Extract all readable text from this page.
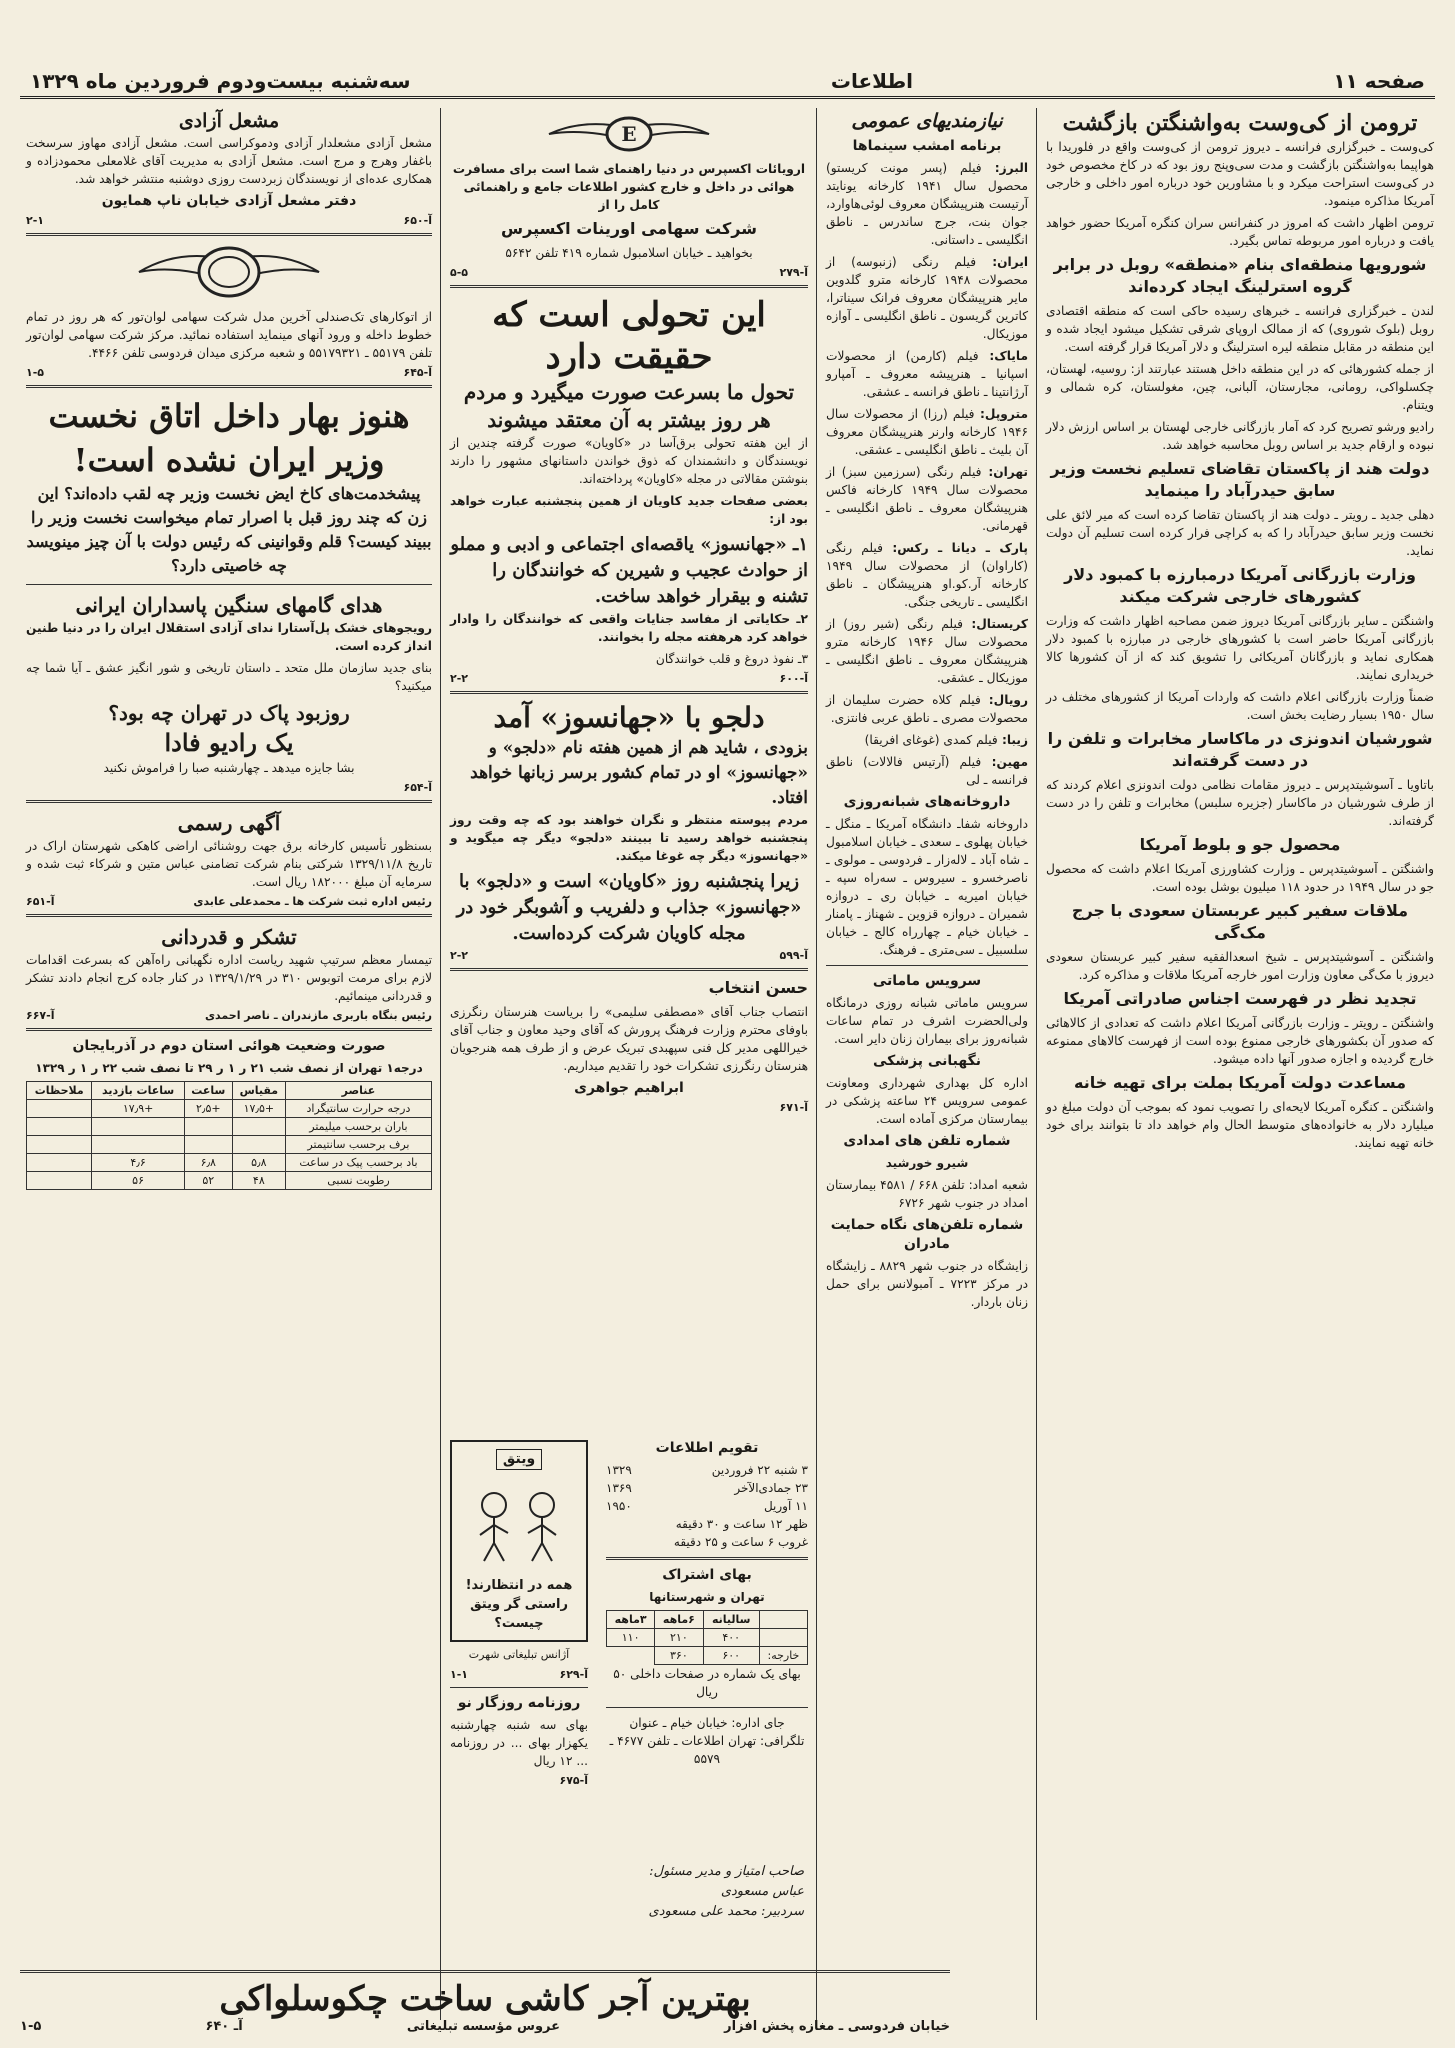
صفحه ۱۱
اطلاعات
سه‌شنبه بیست‌ودوم فروردین ماه ۱۳۲۹
ترومن از کی‌وست به‌واشنگتن بازگشت

کی‌وست ـ خبرگزاری فرانسه ـ دیروز ترومن از کی‌وست واقع در فلوریدا با هواپیما به‌واشنگتن بازگشت و مدت سی‌وپنج روز بود که در کاخ مخصوص خود در کی‌وست استراحت میکرد و با مشاورین خود درباره امور داخلی و خارجی آمریکا مذاکره مینمود.

ترومن اظهار داشت که امروز در کنفرانس سران کنگره آمریکا حضور خواهد یافت و درباره امور مربوطه تماس بگیرد.

شورویها منطقه‌ای بنام «منطقه» روبل در برابر گروه استرلینگ ایجاد کرده‌اند

لندن ـ خبرگزاری فرانسه ـ خبرهای رسیده حاکی است که منطقه اقتصادی روبل (بلوک شوروی) که از ممالک اروپای شرقی تشکیل میشود ایجاد شده و این منطقه در مقابل منطقه لیره استرلینگ و دلار آمریکا قرار گرفته است.

از جمله کشورهائی که در این منطقه داخل هستند عبارتند از: روسیه، لهستان، چکسلواکی، رومانی، مجارستان، آلبانی، چین، مغولستان، کره شمالی و ویتنام.

رادیو ورشو تصریح کرد که آمار بازرگانی خارجی لهستان بر اساس ارزش دلار نبوده و ارقام جدید بر اساس روبل محاسبه خواهد شد.

دولت هند از پاکستان تقاضای تسلیم نخست وزیر سابق حیدرآباد را مینماید

دهلی جدید ـ رویتر ـ دولت هند از پاکستان تقاضا کرده است که میر لائق علی نخست وزیر سابق حیدرآباد را که به کراچی فرار کرده است تسلیم آن دولت نماید.

وزارت بازرگانی آمریکا درمبارزه با کمبود دلار کشورهای خارجی شرکت میکند

واشنگتن ـ سایر بازرگانی آمریکا دیروز ضمن مصاحبه اظهار داشت که وزارت بازرگانی آمریکا حاضر است با کشورهای خارجی در مبارزه با کمبود دلار همکاری نماید و بازرگانان آمریکائی را تشویق کند که از آن کشورها کالا خریداری نمایند.

ضمناً وزارت بازرگانی اعلام داشت که واردات آمریکا از کشورهای مختلف در سال ۱۹۵۰ بسیار رضایت بخش است.

شورشیان اندونزی در ماکاسار مخابرات و تلفن را در دست گرفته‌اند

باتاویا ـ آسوشیتدپرس ـ دیروز مقامات نظامی دولت اندونزی اعلام کردند که از طرف شورشیان در ماکاسار (جزیره سلبس) مخابرات و تلفن را در دست گرفته‌اند.

محصول جو و بلوط آمریکا

واشنگتن ـ آسوشیتدپرس ـ وزارت کشاورزی آمریکا اعلام داشت که محصول جو در سال ۱۹۴۹ در حدود ۱۱۸ میلیون بوشل بوده است.

ملاقات سفیر کبیر عربستان سعودی با جرج مک‌گی

واشنگتن ـ آسوشیتدپرس ـ شیخ اسعدالفقیه سفیر کبیر عربستان سعودی دیروز با مک‌گی معاون وزارت امور خارجه آمریکا ملاقات و مذاکره کرد.

تجدید نظر در فهرست اجناس صادراتی آمریکا

واشنگتن ـ رویتر ـ وزارت بازرگانی آمریکا اعلام داشت که تعدادی از کالاهائی که صدور آن بکشورهای خارجی ممنوع بوده است از فهرست کالاهای ممنوعه خارج گردیده و اجازه صدور آنها داده میشود.

مساعدت دولت آمریکا بملت برای تهیه خانه

واشنگتن ـ کنگره آمریکا لایحه‌ای را تصویب نمود که بموجب آن دولت مبلغ دو میلیارد دلار به خانواده‌های متوسط الحال وام خواهد داد تا بتوانند برای خود خانه تهیه نمایند.

نیازمندیهای عمومی
برنامه امشب سینماها

البرز: فیلم (پسر مونت کریستو) محصول سال ۱۹۴۱ کارخانه یونایتد آرتیست هنرپیشگان معروف لوئی‌هاوارد، جوان بنت، جرج ساندرس ـ ناطق انگلیسی ـ داستانی.

ایران: فیلم رنگی (زنبوسه) از محصولات ۱۹۴۸ کارخانه مترو گلدوین مایر هنرپیشگان معروف فرانک سیناترا، کاترین گریسون ـ ناطق انگلیسی ـ آوازه موزیکال.

مایاک: فیلم (کارمن) از محصولات اسپانیا ـ هنرپیشه معروف ـ آمپارو آرژانتینا ـ ناطق فرانسه ـ عشقی.

متروپل: فیلم (رزا) از محصولات سال ۱۹۴۶ کارخانه وارنر هنرپیشگان معروف آن بلیث ـ ناطق انگلیسی ـ عشقی.

تهران: فیلم رنگی (سرزمین سبز) از محصولات سال ۱۹۴۹ کارخانه فاکس هنرپیشگان معروف ـ ناطق انگلیسی ـ قهرمانی.

پارک ـ دیانا ـ رکس: فیلم رنگی (کاراوان) از محصولات سال ۱۹۴۹ کارخانه آر.کو.او هنرپیشگان ـ ناطق انگلیسی ـ تاریخی جنگی.

کریستال: فیلم رنگی (شیر روز) از محصولات سال ۱۹۴۶ کارخانه مترو هنرپیشگان معروف ـ ناطق انگلیسی ـ موزیکال ـ عشقی.

رویال: فیلم کلاه حضرت سلیمان از محصولات مصری ـ ناطق عربی فانتزی.

زیبا: فیلم کمدی (غوغای افریقا)

مهین: فیلم (آرتیس فالالات) ناطق فرانسه ـ لی

داروخانه‌های شبانه‌روزی

داروخانه شفاـ دانشگاه آمریکا ـ منگل ـ خیابان پهلوی ـ سعدی ـ خیابان اسلامبول ـ شاه آباد ـ لاله‌زار ـ فردوسی ـ مولوی ـ ناصرخسرو ـ سیروس ـ سه‌راه سپه ـ خیابان امیریه ـ خیابان ری ـ دروازه شمیران ـ دروازه قزوین ـ شهناز ـ پامنار ـ خیابان خیام ـ چهارراه کالج ـ خیابان سلسبیل ـ سی‌متری ـ فرهنگ.

سرویس ماماتی

سرویس ماماتی شبانه روزی درمانگاه ولی‌الحضرت اشرف در تمام ساعات شبانه‌روز برای بیماران زنان دایر است.

نگهبانی پزشکی

اداره کل بهداری شهرداری ومعاونت عمومی سرویس ۲۴ ساعته پزشکی در بیمارستان مرکزی آماده است.

شماره تلفن های امدادی
شیرو خورشید

شعبه امداد: تلفن ۶۶۸ / ۴۵۸۱ بیمارستان امداد در جنوب شهر ۶۷۲۶

شماره تلفن‌های نگاه حمایت مادران

زایشگاه در جنوب شهر ۸۸۲۹ ـ زایشگاه در مرکز ۷۲۲۳ ـ آمبولانس برای حمل زنان باردار.

تقویم اطلاعات
۳ شنبه ۲۲ فروردین
۱۳۲۹
۲۳ جمادی‌الآخر
۱۳۶۹
۱۱ آوریل
۱۹۵۰
ظهر ۱۲ ساعت و ۳۰ دقیقه
غروب ۶ ساعت و ۲۵ دقیقه
بهای اشتراک
تهران و شهرستانها
	سالیانه	۶ماهه	۳ماهه
	۴۰۰	۲۱۰	۱۱۰
خارجه:	۶۰۰	۳۶۰	

بهای یک شماره در صفحات داخلی ۵۰ ریال

جای اداره: خیابان خیام ـ عنوان تلگرافی: تهران اطلاعات ـ تلفن ۴۶۷۷ ـ ۵۵۷۹

E

ارویائات اکسپرس در دنیا راهنمای شما است برای مسافرت هوائی در داخل و خارج کشور اطلاعات جامع و راهنمائی کامل را از

شرکت سهامی اورینات اکسپرس

بخواهید ـ خیابان اسلامبول شماره ۴۱۹ تلفن ۵۶۴۲

۵-۵	۲۷۹-آ
این تحولی است که حقیقت دارد
تحول ما بسرعت صورت میگیرد و مردم هر روز بیشتر به آن معتقد میشوند

از این هفته تحولی برق‌آسا در «کاویان» صورت گرفته چندین از نویسندگان و دانشمندان که ذوق خواندن داستانهای مشهور را دارند بنوشتن مقالاتی در مجله «کاویان» پرداخته‌اند.

بعضی صفحات جدید کاویان از همین پنجشنبه عبارت خواهد بود از:

۱ـ «جهانسوز» یاقصه‌ای اجتماعی و ادبی و مملو از حوادث عجیب و شیرین که خوانندگان را تشنه و بیقرار خواهد ساخت.

۲ـ حکایاتی از مفاسد جنایات واقعی که خوانندگان را وادار خواهد کرد هرهفته مجله را بخوانند.

۳ـ نفوذ دروغ و قلب خوانندگان

۲-۲	۶۰۰-آ
دلجو با «جهانسوز» آمد
بزودی ، شاید هم از همین هفته نام «دلجو» و «جهانسوز» او در تمام کشور برسر زبانها خواهد افتاد.

مردم پیوسته منتظر و نگران خواهند بود که چه وقت روز پنجشنبه خواهد رسید تا ببینند «دلجو» دیگر چه میگوید و «جهانسوز» دیگر چه غوغا میکند.

زیرا پنجشنبه روز «کاویان» است و «دلجو» با «جهانسوز» جذاب و دلفریب و آشوبگر خود در مجله کاویان شرکت کرده‌است.
۲-۲	۵۹۹-آ
حسن انتخاب

انتصاب جناب آقای «مصطفی سلیمی» را بریاست هنرستان رنگرزی باوفای محترم وزارت فرهنگ پرورش که آقای وحید معاون و جناب آقای خیراللهی مدیر کل فنی سپهبدی تبریک عرض و از طرف همه هنرجویان هنرستان رنگرزی تشکرات خود را تقدیم میداریم.

ابراهیم جواهری
۶۷۱-آ
ویتق
همه در انتظارند! راستی گر ویتق چیست؟

آژانس تبلیغاتی شهرت

۱-۱	۶۲۹-آ
روزنامه روزگار نو

بهای سه شنبه چهارشنبه یکهزار بهای ... در روزنامه ... ۱۲ ریال

۶۷۵-آ
صاحب امتیاز و مدیر مسئول: عباس مسعودی
سردبیر: محمد علی مسعودی
مشعل آزادی

مشعل آزادی مشعلدار آزادی ودموکراسی است. مشعل آزادی مهاوز سرسخت باغفار وهرج و مرج است. مشعل آزادی به مدیریت آقای غلامعلی محمودزاده و همکاری عده‌ای از نویسندگان زبردست روزی دوشنبه منتشر خواهد شد.

دفتر مشعل آزادی خیابان ناپ همایون
۲-۱	۶۵۰-آ

از اتوکارهای تک‌صندلی آخرین مدل شرکت سهامی لوان‌تور که هر روز در تمام خطوط داخله و ورود آنهای مینماید استفاده نمائید. مرکز شرکت سهامی لوان‌تور تلفن ۵۵۱۷۹ ـ ۵۵۱۷۹۳۲۱ و شعبه مرکزی میدان فردوسی تلفن ۴۴۶۶.

۱-۵	۶۴۵-آ
هنوز بهار داخل اتاق نخست وزیر ایران نشده است!
پیشخدمت‌های کاخ ایض نخست وزیر چه لقب داده‌اند؟ این زن که چند روز قبل با اصرار تمام میخواست نخست وزیر را ببیند کیست؟ قلم وقوانینی که رئیس دولت با آن چیز مینویسد چه خاصیتی دارد؟
هدای گامهای سنگین پاسداران ایرانی

رویجوهای خشک پل‌آستارا ندای آزادی استقلال ایران را در دنیا طنین انداز کرده است.

بنای جدید سازمان ملل متحد ـ داستان تاریخی و شور انگیز عشق ـ آیا شما چه میکنید؟

روزبود پاک در تهران چه بود؟
یک رادیو فادا

بشا جایزه میدهد ـ چهارشنبه صبا را فراموش نکنید

۶۵۴-آ
آگهی رسمی

بسنظور تأسیس کارخانه برق جهت روشنائی اراضی کاهکی شهرستان اراک در تاریخ ۱۳۲۹/۱۱/۸ شرکتی بنام شرکت تضامنی عباس متین و شرکاء ثبت شده و سرمایه آن مبلغ ۱۸۲۰۰۰ ریال است.

۶۵۱-آ	رئیس اداره ثبت شرکت ها ـ محمدعلی عابدی
تشکر و قدردانی

تیمسار معظم سرتیپ شهید ریاست اداره نگهبانی راه‌آهن که بسرعت اقدامات لازم برای مرمت اتوبوس ۳۱۰ در ۱۳۲۹/۱/۲۹ در کنار جاده کرج انجام دادند تشکر و قدردانی مینمائیم.

۶۶۷-آ	رئیس بنگاه باربری مازندران ـ ناصر احمدی
صورت وضعیت هوائی استان دوم در آذربایجان
درجه۱ تهران از نصف شب ۲۱ ر ۱ ر ۲۹ تا نصف شب ۲۲ ر ۱ ر ۱۳۲۹
عناصر	مقیاس	ساعت	ساعات بازدید	ملاحظات
درجه حرارت سانتیگراد	+۱۷٫۵	+۲٫۵	+۱۷٫۹	
باران برحسب میلیمتر				
برف برحسب سانتیمتر				
باد برحسب پیک در ساعت	۵٫۸	۶٫۸	۴٫۶	
رطوبت نسبی	۴۸	۵۲	۵۶	
بهترین آجر کاشی ساخت چکوسلواکی
خیابان فردوسی ـ مغازه پخش افزار
عروس مؤسسه تبلیغاتی
آـ ۶۴۰
۱-۵
